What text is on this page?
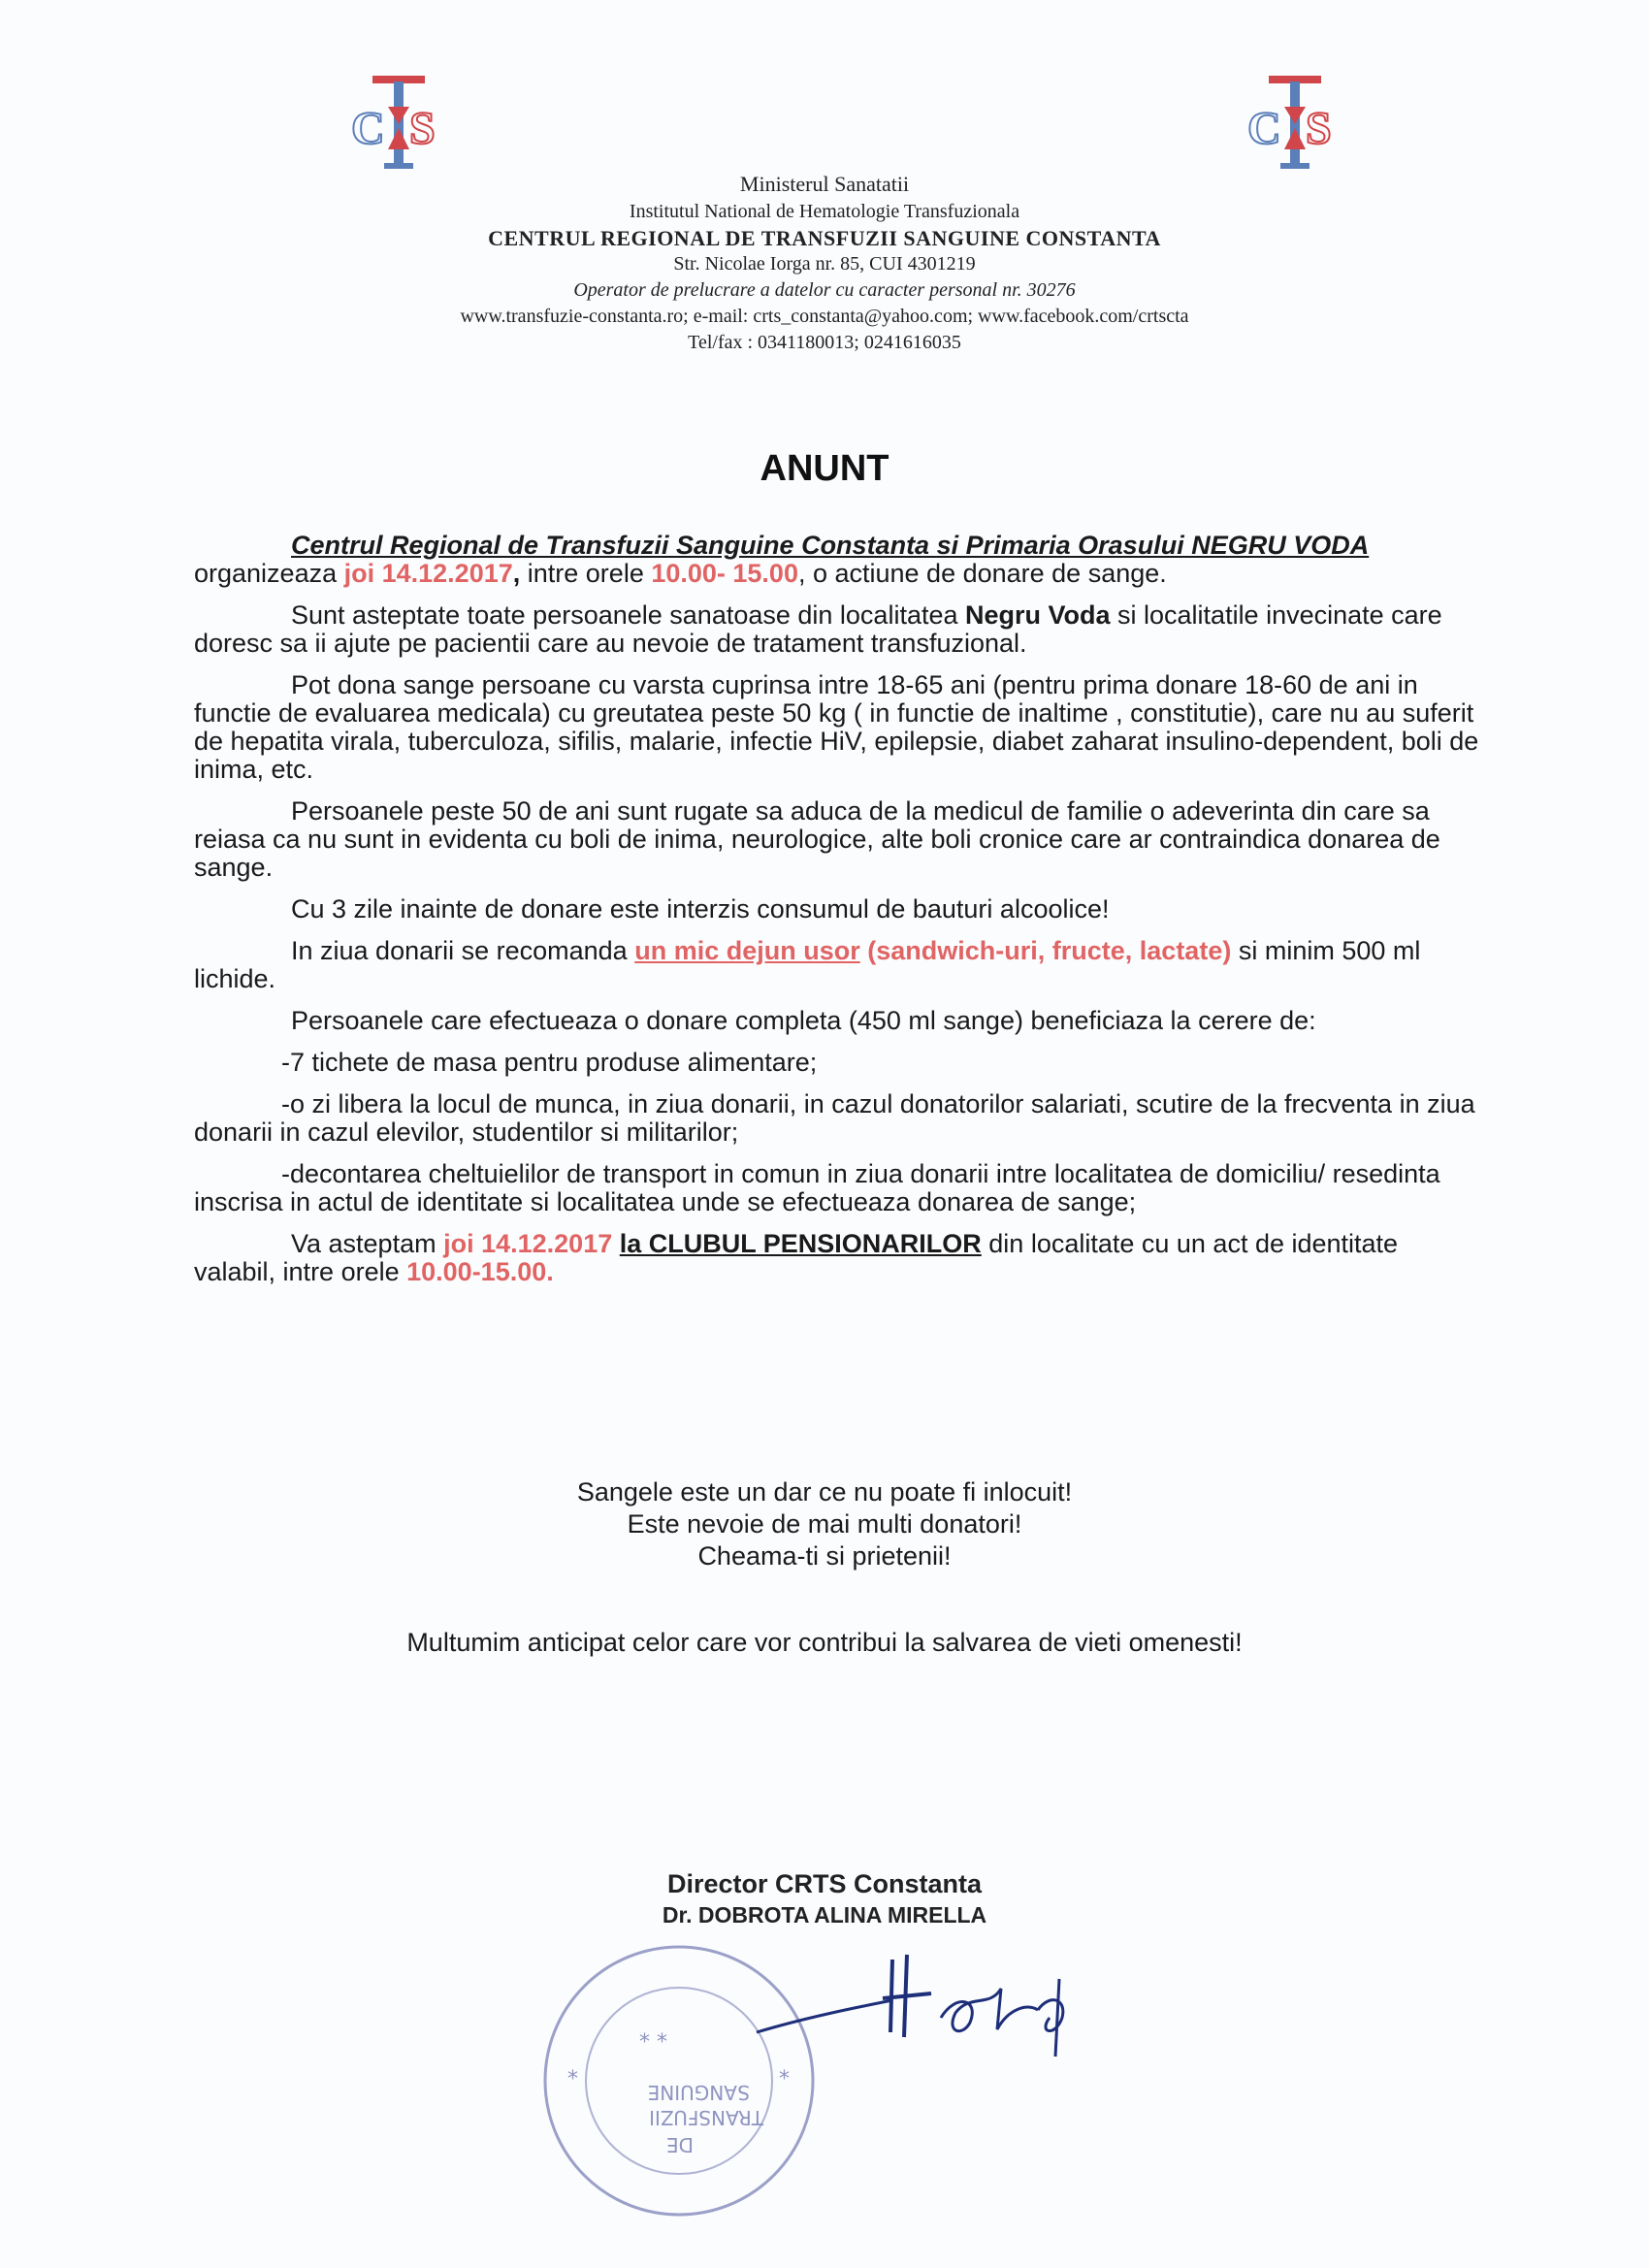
C S	C S
Ministerul Sanatatii
Institutul National de Hematologie Transfuzionala
CENTRUL REGIONAL DE TRANSFUZII SANGUINE CONSTANTA
Str. Nicolae Iorga nr. 85, CUI 4301219
Operator de prelucrare a datelor cu caracter personal nr. 30276
www.transfuzie-constanta.ro; e-mail: crts_constanta@yahoo.com; www.facebook.com/crtscta
Tel/fax : 0341180013; 0241616035
ANUNT

Centrul Regional de Transfuzii Sanguine Constanta si Primaria Orasului NEGRU VODA organizeaza joi 14.12.2017, intre orele 10.00- 15.00, o actiune de donare de sange.

Sunt asteptate toate persoanele sanatoase din localitatea Negru Voda si localitatile invecinate care doresc sa ii ajute pe pacientii care au nevoie de tratament transfuzional.

Pot dona sange persoane cu varsta cuprinsa intre 18-65 ani (pentru prima donare 18-60 de ani in functie de evaluarea medicala) cu greutatea peste 50 kg ( in functie de inaltime , constitutie), care nu au suferit de hepatita virala, tuberculoza, sifilis, malarie, infectie HiV, epilepsie, diabet zaharat insulino-dependent, boli de inima, etc.

Persoanele peste 50 de ani sunt rugate sa aduca de la medicul de familie o adeverinta din care sa reiasa ca nu sunt in evidenta cu boli de inima, neurologice, alte boli cronice care ar contraindica donarea de sange.

Cu 3 zile inainte de donare este interzis consumul de bauturi alcoolice!

In ziua donarii se recomanda un mic dejun usor (sandwich-uri, fructe, lactate) si minim 500 ml lichide.

Persoanele care efectueaza o donare completa (450 ml sange) beneficiaza la cerere de:

-7 tichete de masa pentru produse alimentare;

-o zi libera la locul de munca, in ziua donarii, in cazul donatorilor salariati, scutire de la frecventa in ziua donarii in cazul elevilor, studentilor si militarilor;

-decontarea cheltuielilor de transport in comun in ziua donarii intre localitatea de domiciliu/ resedinta inscrisa in actul de identitate si localitatea unde se efectueaza donarea de sange;

Va asteptam joi 14.12.2017 la CLUBUL PENSIONARILOR din localitate cu un act de identitate valabil, intre orele 10.00-15.00.

Sangele este un dar ce nu poate fi inlocuit!
Este nevoie de mai multi donatori!
Cheama-ti si prietenii!
Multumim anticipat celor care vor contribui la salvarea de vieti omenesti!
Director CRTS Constanta
Dr. DOBROTA ALINA MIRELLA
* *
SANGUINE
TRANSFUZII
DE
*	*
